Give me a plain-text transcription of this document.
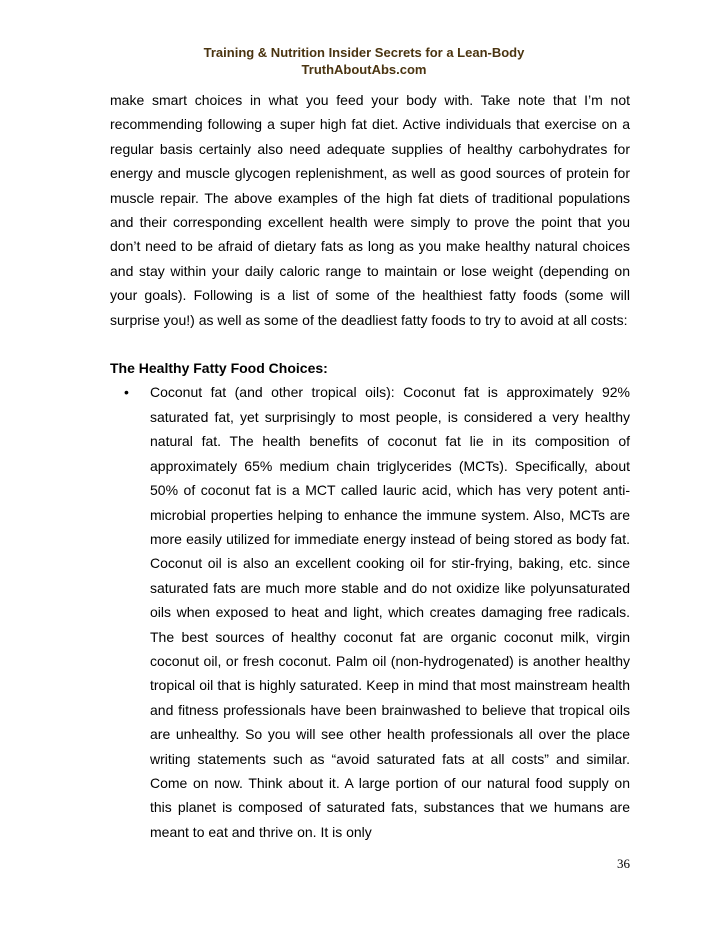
Training & Nutrition Insider Secrets for a Lean-Body
TruthAboutAbs.com

make smart choices in what you feed your body with. Take note that I’m not recommending following a super high fat diet. Active individuals that exercise on a regular basis certainly also need adequate supplies of healthy carbohydrates for energy and muscle glycogen replenishment, as well as good sources of protein for muscle repair. The above examples of the high fat diets of traditional populations and their corresponding excellent health were simply to prove the point that you don’t need to be afraid of dietary fats as long as you make healthy natural choices and stay within your daily caloric range to maintain or lose weight (depending on your goals). Following is a list of some of the healthiest fatty foods (some will surprise you!) as well as some of the deadliest fatty foods to try to avoid at all costs:

The Healthy Fatty Food Choices:
• Coconut fat (and other tropical oils): Coconut fat is approximately 92% saturated fat, yet surprisingly to most people, is considered a very healthy natural fat. The health benefits of coconut fat lie in its composition of approximately 65% medium chain triglycerides (MCTs). Specifically, about 50% of coconut fat is a MCT called lauric acid, which has very potent anti-microbial properties helping to enhance the immune system. Also, MCTs are more easily utilized for immediate energy instead of being stored as body fat. Coconut oil is also an excellent cooking oil for stir-frying, baking, etc. since saturated fats are much more stable and do not oxidize like polyunsaturated oils when exposed to heat and light, which creates damaging free radicals. The best sources of healthy coconut fat are organic coconut milk, virgin coconut oil, or fresh coconut. Palm oil (non-hydrogenated) is another healthy tropical oil that is highly saturated. Keep in mind that most mainstream health and fitness professionals have been brainwashed to believe that tropical oils are unhealthy. So you will see other health professionals all over the place writing statements such as “avoid saturated fats at all costs” and similar. Come on now. Think about it. A large portion of our natural food supply on this planet is composed of saturated fats, substances that we humans are meant to eat and thrive on. It is only
36
